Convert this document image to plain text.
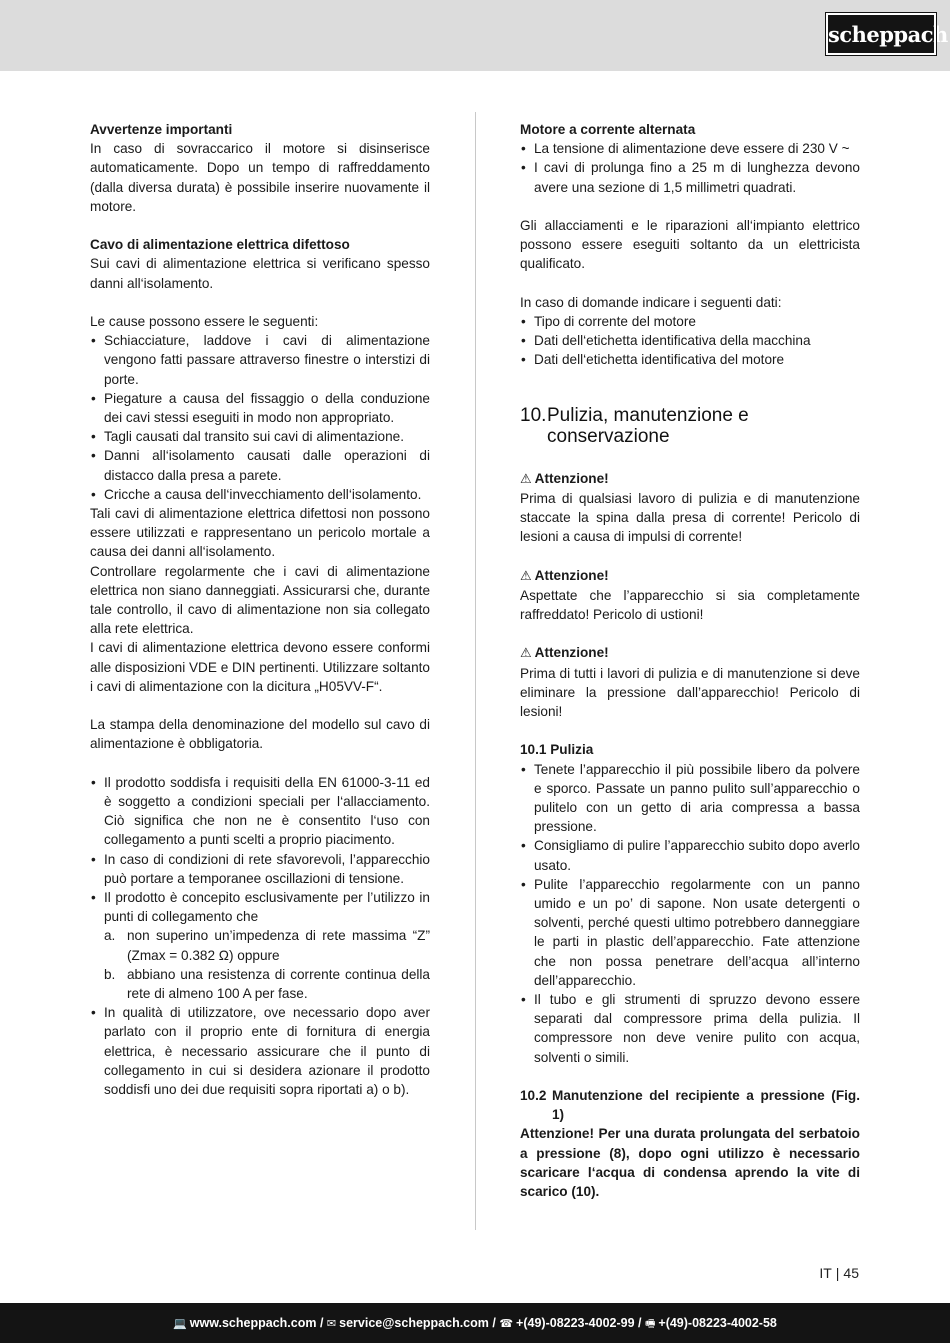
scheppach

Avvertenze importanti

In caso di sovraccarico il motore si disinserisce automaticamente. Dopo un tempo di raffreddamento (dalla diversa durata) è possibile inserire nuovamente il motore.

Cavo di alimentazione elettrica difettoso

Sui cavi di alimentazione elettrica si verificano spesso danni all‘isolamento.

Le cause possono essere le seguenti:

• Schiacciature, laddove i cavi di alimentazione vengono fatti passare attraverso finestre o interstizi di porte.
• Piegature a causa del fissaggio o della conduzione dei cavi stessi eseguiti in modo non appropriato.
• Tagli causati dal transito sui cavi di alimentazione.
• Danni all‘isolamento causati dalle operazioni di distacco dalla presa a parete.
• Cricche a causa dell‘invecchiamento dell‘isolamento.

Tali cavi di alimentazione elettrica difettosi non possono essere utilizzati e rappresentano un pericolo mortale a causa dei danni all‘isolamento.

Controllare regolarmente che i cavi di alimentazione elettrica non siano danneggiati. Assicurarsi che, durante tale controllo, il cavo di alimentazione non sia collegato alla rete elettrica.

I cavi di alimentazione elettrica devono essere conformi alle disposizioni VDE e DIN pertinenti. Utilizzare soltanto i cavi di alimentazione con la dicitura „H05VV-F“.

La stampa della denominazione del modello sul cavo di alimentazione è obbligatoria.

• Il prodotto soddisfa i requisiti della EN 61000-3-11 ed è soggetto a condizioni speciali per l‘allacciamento. Ciò significa che non ne è consentito l‘uso con collegamento a punti scelti a proprio piacimento.
• In caso di condizioni di rete sfavorevoli, l’apparecchio può portare a temporanee oscillazioni di tensione.
• Il prodotto è concepito esclusivamente per l’utilizzo in punti di collegamento che
a. non superino un’impedenza di rete massima “Z” (Zmax = 0.382 Ω) oppure
b. abbiano una resistenza di corrente continua della rete di almeno 100 A per fase.
• In qualità di utilizzatore, ove necessario dopo aver parlato con il proprio ente di fornitura di energia elettrica, è necessario assicurare che il punto di collegamento in cui si desidera azionare il prodotto soddisfi uno dei due requisiti sopra riportati a) o b).

Motore a corrente alternata

• La tensione di alimentazione deve essere di 230 V ~
• I cavi di prolunga fino a 25 m di lunghezza devono avere una sezione di 1,5 millimetri quadrati.

Gli allacciamenti e le riparazioni all‘impianto elettrico possono essere eseguiti soltanto da un elettricista qualificato.

In caso di domande indicare i seguenti dati:

• Tipo di corrente del motore
• Dati dell‘etichetta identificativa della macchina
• Dati dell‘etichetta identificativa del motore
10.Pulizia, manutenzione e
conservazione

⚠ Attenzione!

Prima di qualsiasi lavoro di pulizia e di manutenzione staccate la spina dalla presa di corrente! Pericolo di lesioni a causa di impulsi di corrente!

⚠ Attenzione!

Aspettate che l’apparecchio si sia completamente raffreddato! Pericolo di ustioni!

⚠ Attenzione!

Prima di tutti i lavori di pulizia e di manutenzione si deve eliminare la pressione dall’apparecchio! Pericolo di lesioni!

10.1 Pulizia

• Tenete l’apparecchio il più possibile libero da polvere e sporco. Passate un panno pulito sull’apparecchio o pulitelo con un getto di aria compressa a bassa pressione.
• Consigliamo di pulire l’apparecchio subito dopo averlo usato.
• Pulite l’apparecchio regolarmente con un panno umido e un po’ di sapone. Non usate detergenti o solventi, perché questi ultimo potrebbero danneggiare le parti in plastic dell’apparecchio. Fate attenzione che non possa penetrare dell’acqua all’interno dell’apparecchio.
• Il tubo e gli strumenti di spruzzo devono essere separati dal compressore prima della pulizia. Il compressore non deve venire pulito con acqua, solventi o simili.
10.2 Manutenzione del recipiente a pressione (Fig. 1)

Attenzione! Per una durata prolungata del serbatoio a pressione (8), dopo ogni utilizzo è necessario scaricare l‘acqua di condensa aprendo la vite di scarico (10).

IT | 45
💻 www.scheppach.com / ✉ service@scheppach.com / ☎ +(49)-08223-4002-99 / 🖷 +(49)-08223-4002-58
